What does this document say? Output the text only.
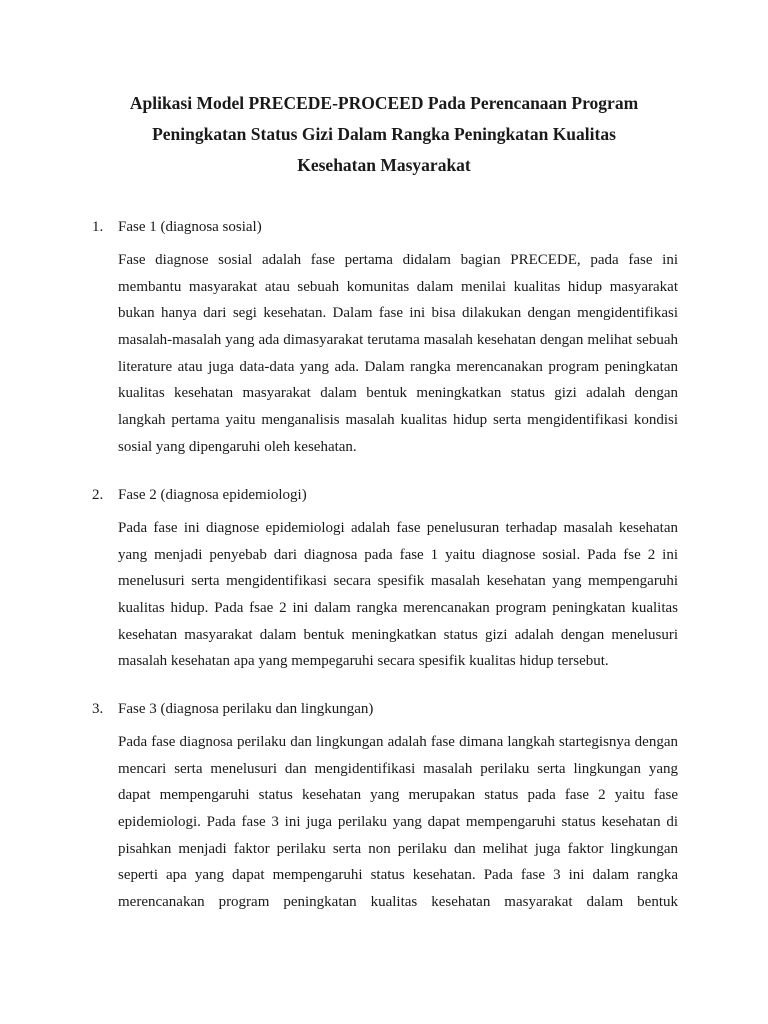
Aplikasi Model PRECEDE-PROCEED Pada Perencanaan Program
Peningkatan Status Gizi Dalam Rangka Peningkatan Kualitas
Kesehatan Masyarakat
1. Fase 1 (diagnosa sosial)
Fase diagnose sosial adalah fase pertama didalam bagian PRECEDE, pada fase ini
membantu masyarakat atau sebuah komunitas dalam menilai kualitas hidup masyarakat
bukan hanya dari segi kesehatan. Dalam fase ini bisa dilakukan dengan mengidentifikasi
masalah-masalah yang ada dimasyarakat terutama masalah kesehatan dengan melihat sebuah
literature atau juga data-data yang ada. Dalam rangka merencanakan program peningkatan
kualitas kesehatan masyarakat dalam bentuk meningkatkan status gizi adalah dengan
langkah pertama yaitu menganalisis masalah kualitas hidup serta mengidentifikasi kondisi
sosial yang dipengaruhi oleh kesehatan.
2. Fase 2 (diagnosa epidemiologi)
Pada fase ini diagnose epidemiologi adalah fase penelusuran terhadap masalah kesehatan
yang menjadi penyebab dari diagnosa pada fase 1 yaitu diagnose sosial. Pada fse 2 ini
menelusuri serta mengidentifikasi secara spesifik masalah kesehatan yang mempengaruhi
kualitas hidup. Pada fsae 2 ini dalam rangka merencanakan program peningkatan kualitas
kesehatan masyarakat dalam bentuk meningkatkan status gizi adalah dengan menelusuri
masalah kesehatan apa yang mempegaruhi secara spesifik kualitas hidup tersebut.
3. Fase 3 (diagnosa perilaku dan lingkungan)
Pada fase diagnosa perilaku dan lingkungan adalah fase dimana langkah startegisnya dengan
mencari serta menelusuri dan mengidentifikasi masalah perilaku serta lingkungan yang
dapat mempengaruhi status kesehatan yang merupakan status pada fase 2 yaitu fase
epidemiologi. Pada fase 3 ini juga perilaku yang dapat mempengaruhi status kesehatan di
pisahkan menjadi faktor perilaku serta non perilaku dan melihat juga faktor lingkungan
seperti apa yang dapat mempengaruhi status kesehatan. Pada fase 3 ini dalam rangka
merencanakan program peningkatan kualitas kesehatan masyarakat dalam bentuk
